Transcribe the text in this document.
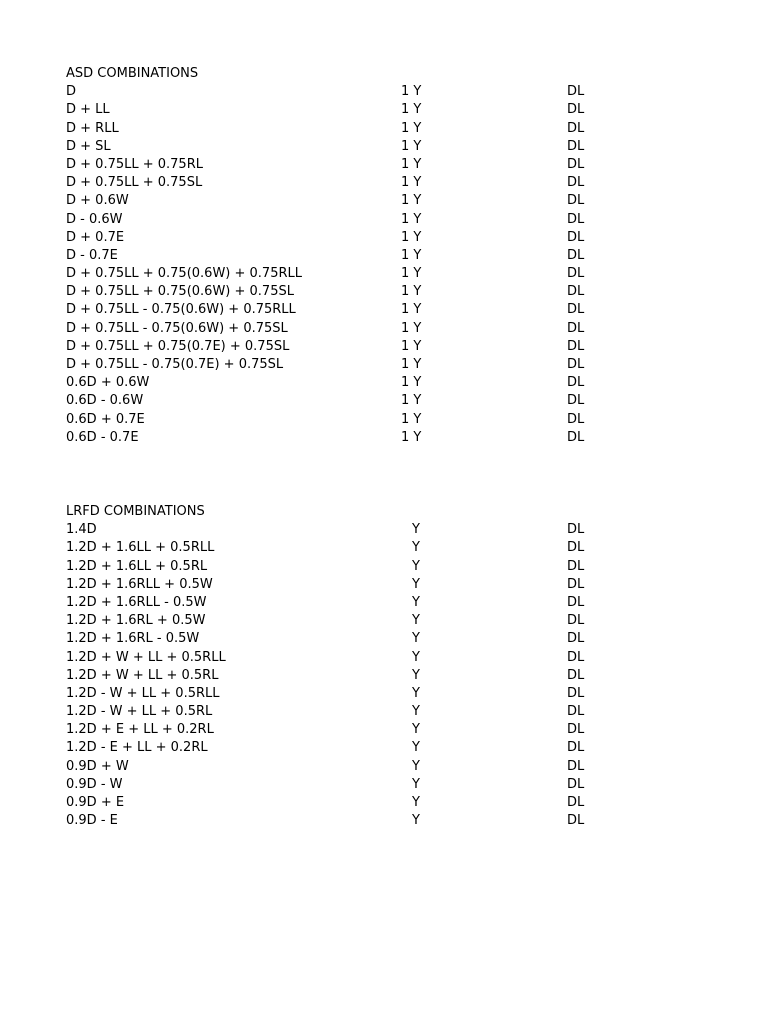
ASD COMBINATIONS
D	1 Y	DL
D + LL	1 Y	DL
D + RLL	1 Y	DL
D + SL	1 Y	DL
D + 0.75LL + 0.75RL	1 Y	DL
D + 0.75LL + 0.75SL	1 Y	DL
D + 0.6W	1 Y	DL
D - 0.6W	1 Y	DL
D + 0.7E	1 Y	DL
D - 0.7E	1 Y	DL
D + 0.75LL + 0.75(0.6W) + 0.75RLL	1 Y	DL
D + 0.75LL + 0.75(0.6W) + 0.75SL	1 Y	DL
D + 0.75LL - 0.75(0.6W) + 0.75RLL	1 Y	DL
D + 0.75LL - 0.75(0.6W) + 0.75SL	1 Y	DL
D + 0.75LL + 0.75(0.7E) + 0.75SL	1 Y	DL
D + 0.75LL - 0.75(0.7E) + 0.75SL	1 Y	DL
0.6D + 0.6W	1 Y	DL
0.6D - 0.6W	1 Y	DL
0.6D + 0.7E	1 Y	DL
0.6D - 0.7E	1 Y	DL
LRFD COMBINATIONS
1.4D	Y	DL
1.2D + 1.6LL + 0.5RLL	Y	DL
1.2D + 1.6LL + 0.5RL	Y	DL
1.2D + 1.6RLL + 0.5W	Y	DL
1.2D + 1.6RLL - 0.5W	Y	DL
1.2D + 1.6RL + 0.5W	Y	DL
1.2D + 1.6RL - 0.5W	Y	DL
1.2D + W + LL + 0.5RLL	Y	DL
1.2D + W + LL + 0.5RL	Y	DL
1.2D - W + LL + 0.5RLL	Y	DL
1.2D - W + LL + 0.5RL	Y	DL
1.2D + E + LL + 0.2RL	Y	DL
1.2D - E + LL + 0.2RL	Y	DL
0.9D + W	Y	DL
0.9D - W	Y	DL
0.9D + E	Y	DL
0.9D - E	Y	DL
